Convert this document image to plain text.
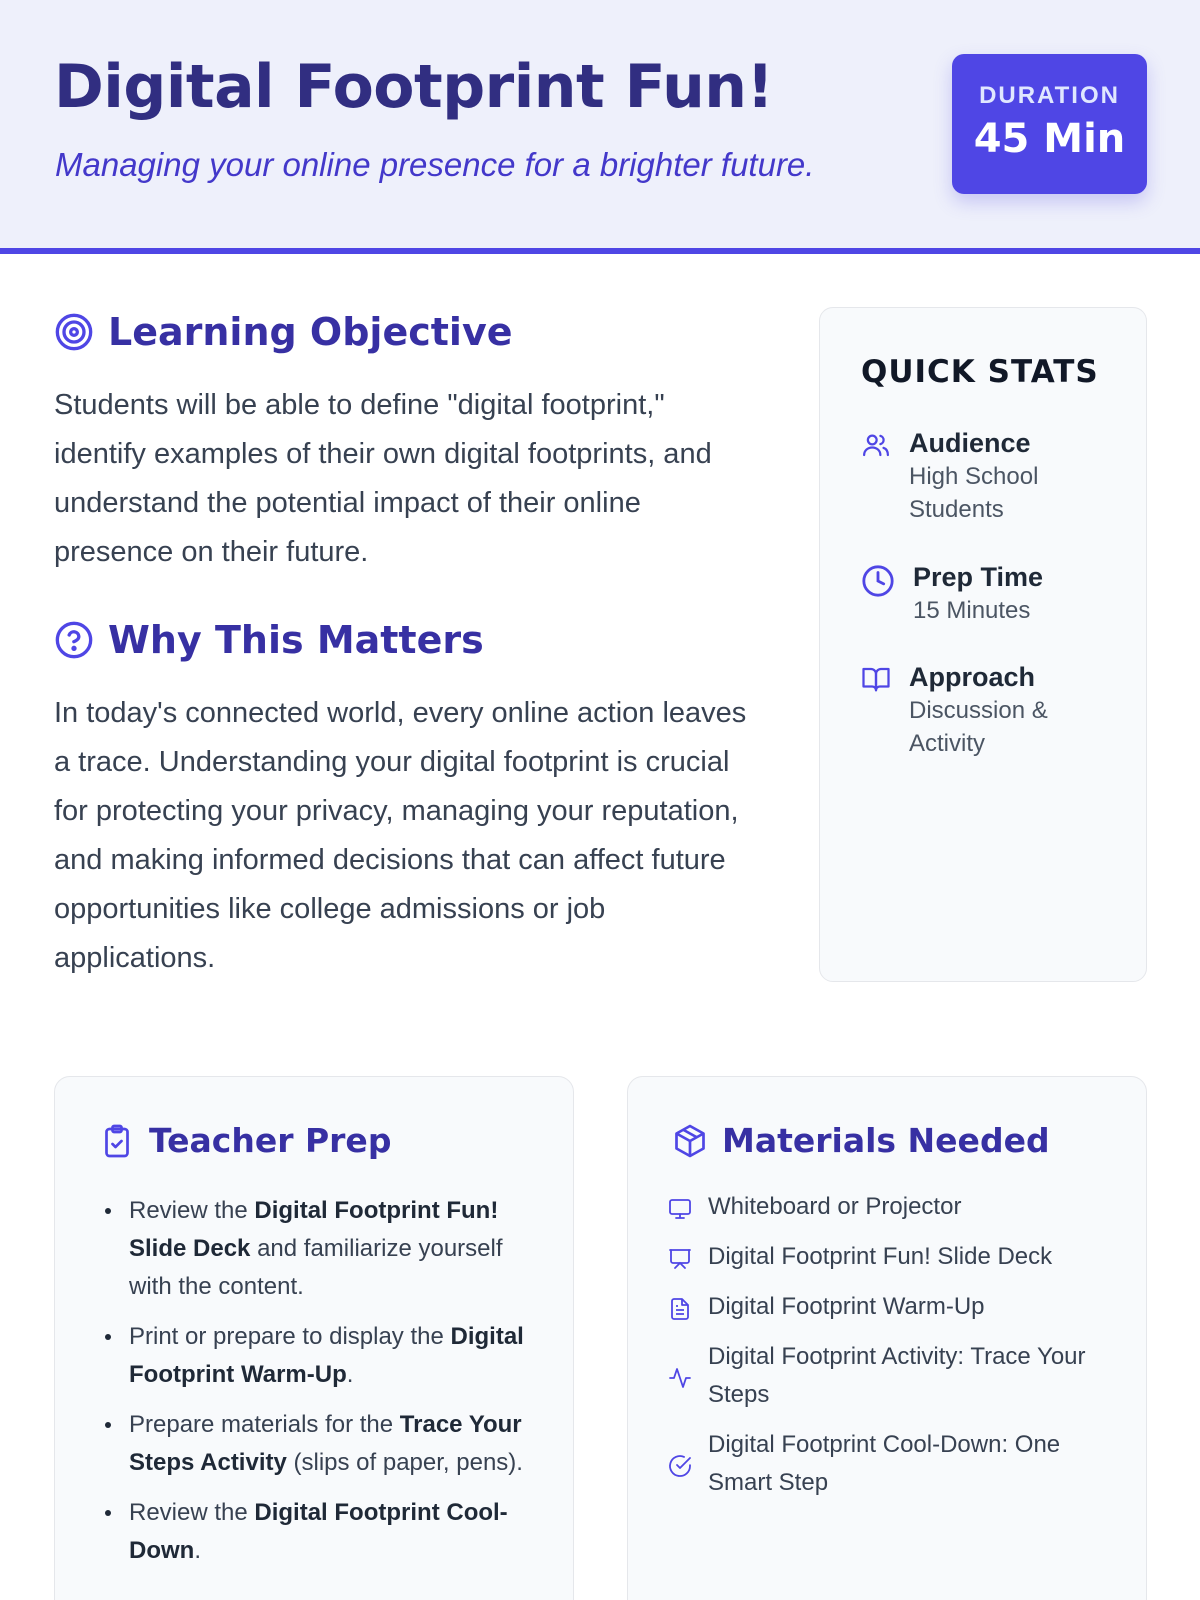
Digital Footprint Fun!

Managing your online presence for a brighter future.

DURATION
45 Min
Learning Objective

Students will be able to define "digital footprint," identify examples of their own digital footprints, and understand the potential impact of their online presence on their future.

Why This Matters

In today's connected world, every online action leaves a trace. Understanding your digital footprint is crucial for protecting your privacy, managing your reputation, and making informed decisions that can affect future opportunities like college admissions or job applications.

QUICK STATS
Audience
High School Students
Prep Time
15 Minutes
Approach
Discussion & Activity
Teacher Prep
Review the Digital Footprint Fun! Slide Deck and familiarize yourself with the content.
Print or prepare to display the Digital Footprint Warm-Up.
Prepare materials for the Trace Your Steps Activity (slips of paper, pens).
Review the Digital Footprint Cool-Down.
Materials Needed
Whiteboard or Projector
Digital Footprint Fun! Slide Deck
Digital Footprint Warm-Up
Digital Footprint Activity: Trace Your Steps
Digital Footprint Cool-Down: One Smart Step
